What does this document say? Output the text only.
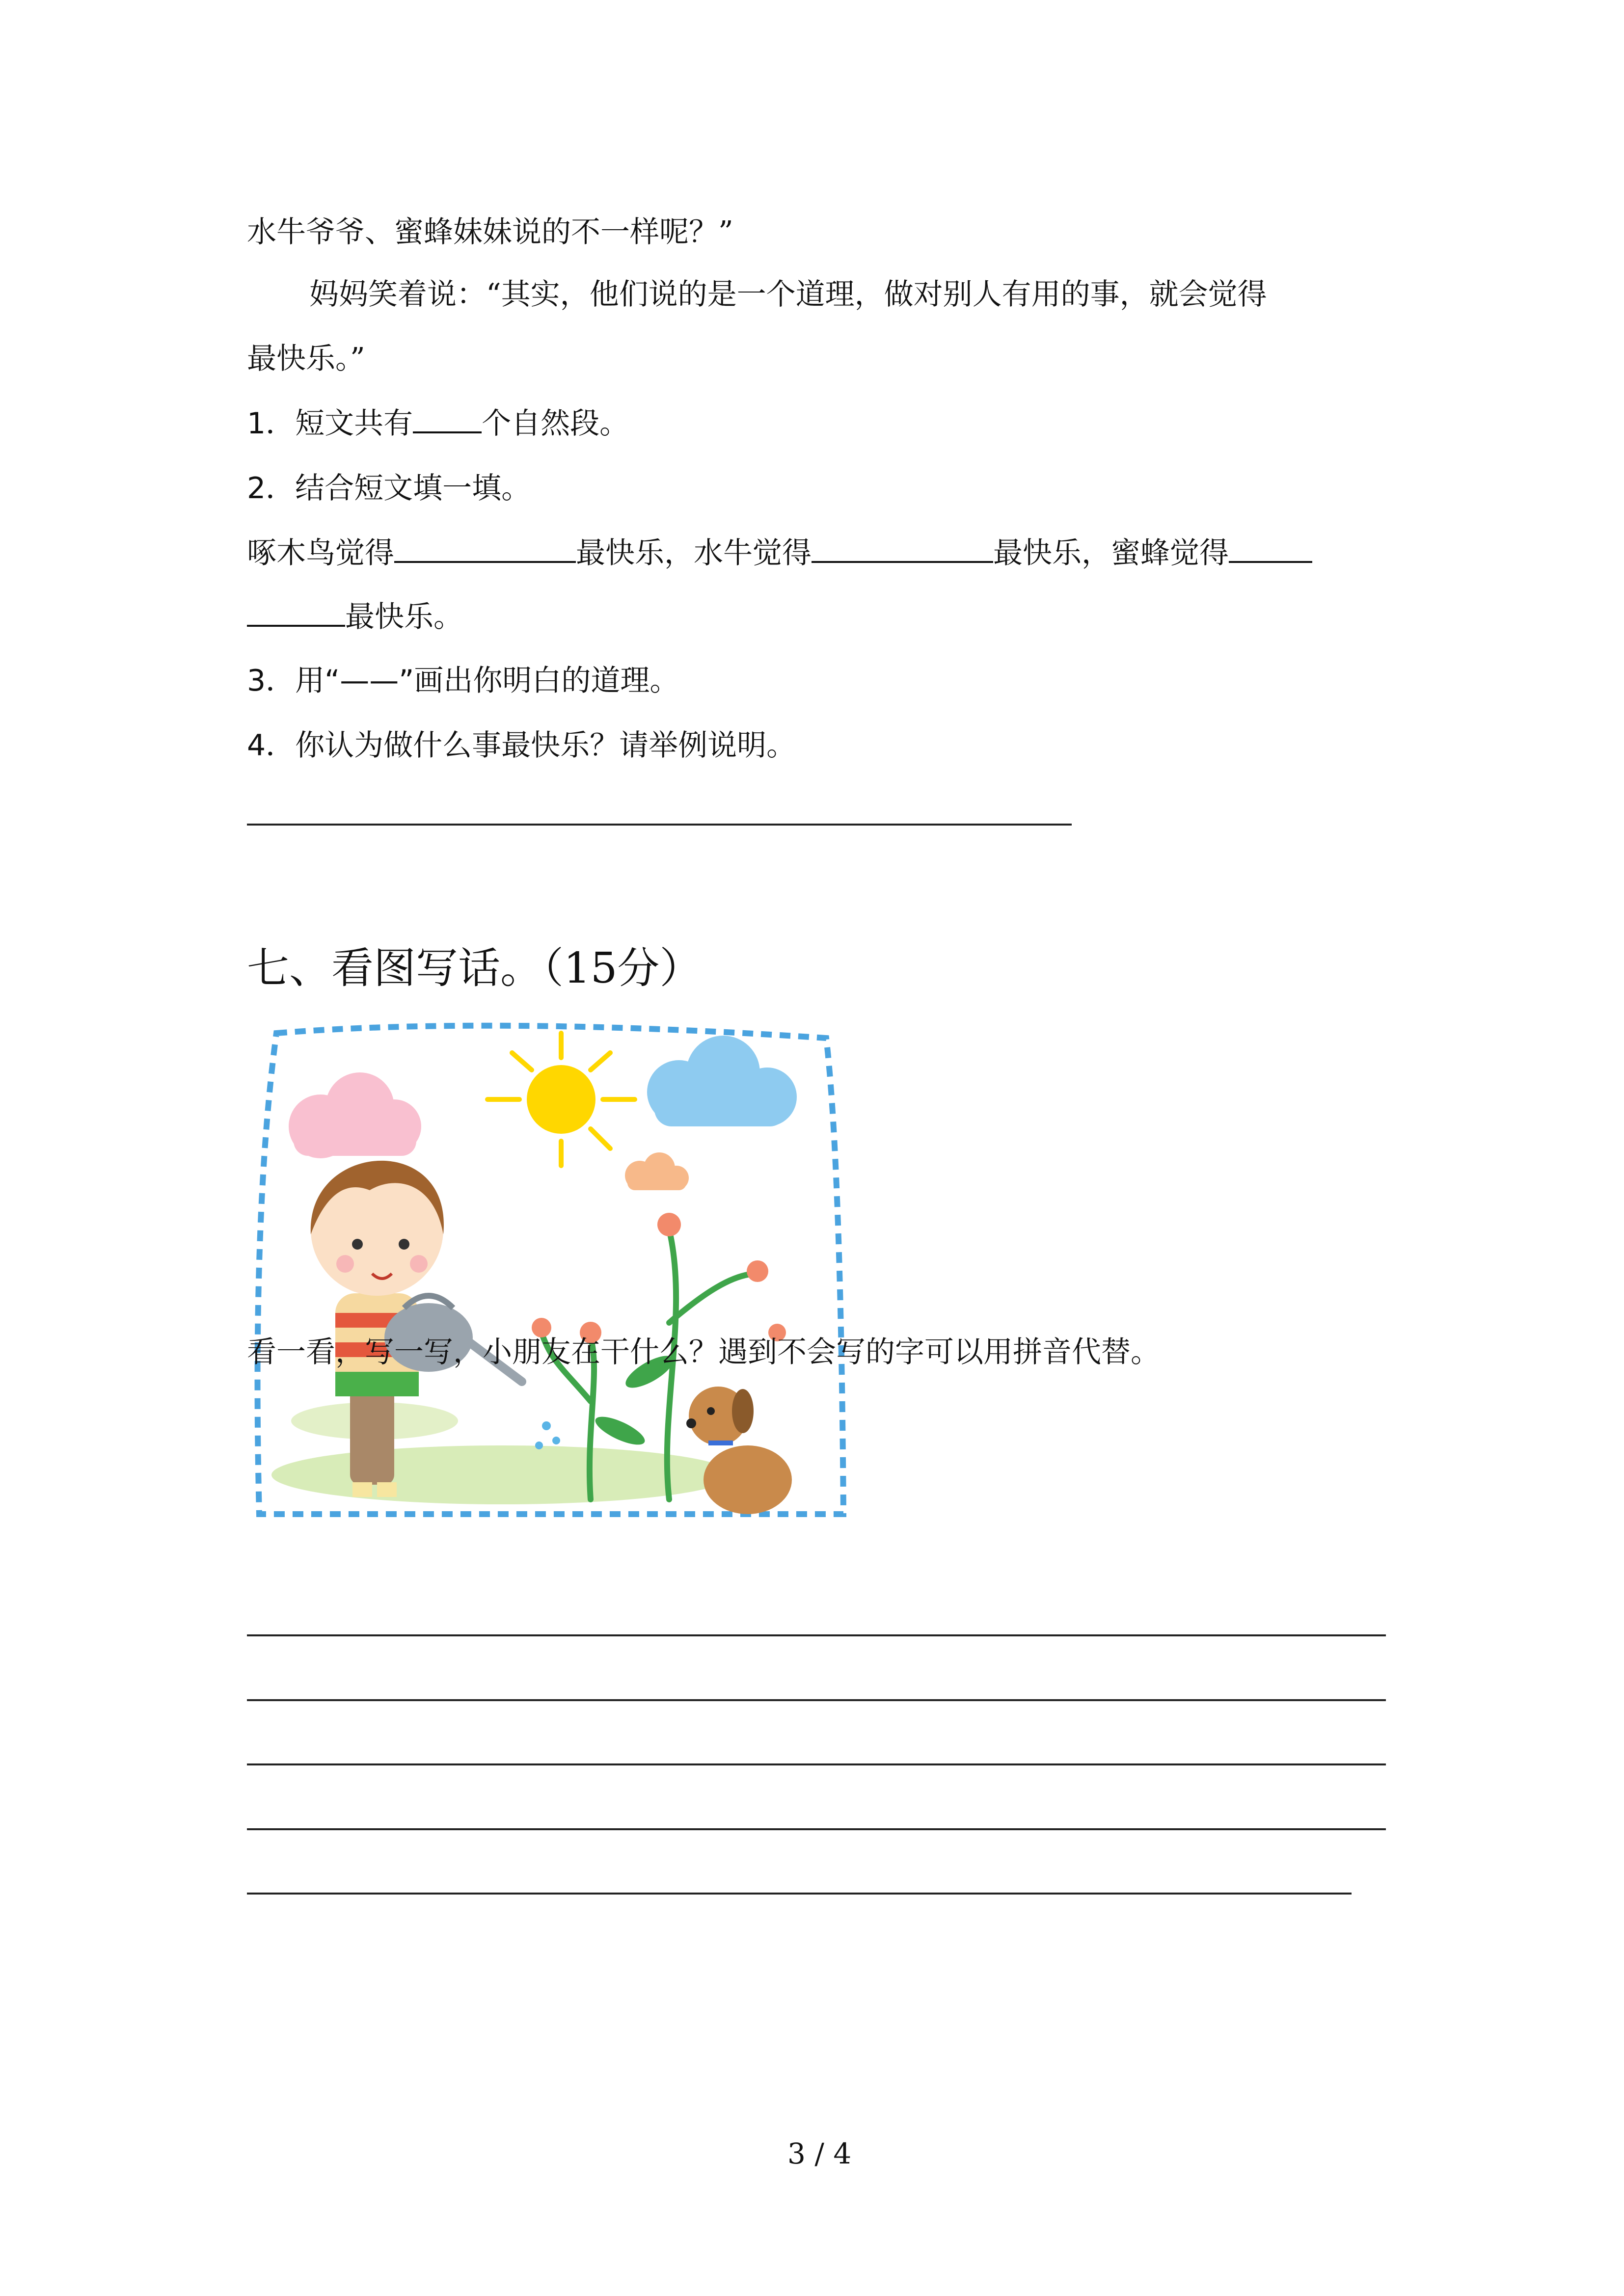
水牛爷爷、蜜蜂妹妹说的不一样呢？”
妈妈笑着说：“其实，他们说的是一个道理，做对别人有用的事，就会觉得
最快乐。”
1．短文共有 个自然段。
2．结合短文填一填。
啄木鸟觉得	最快乐，水牛觉得	最快乐，蜜蜂觉得
最快乐。
3．用“——”画出你明白的道理。
4．你认为做什么事最快乐？请举例说明。
七、看图写话。（15分）
看一看，写一写，小朋友在干什么？遇到不会写的字可以用拼音代替。
3 / 4
